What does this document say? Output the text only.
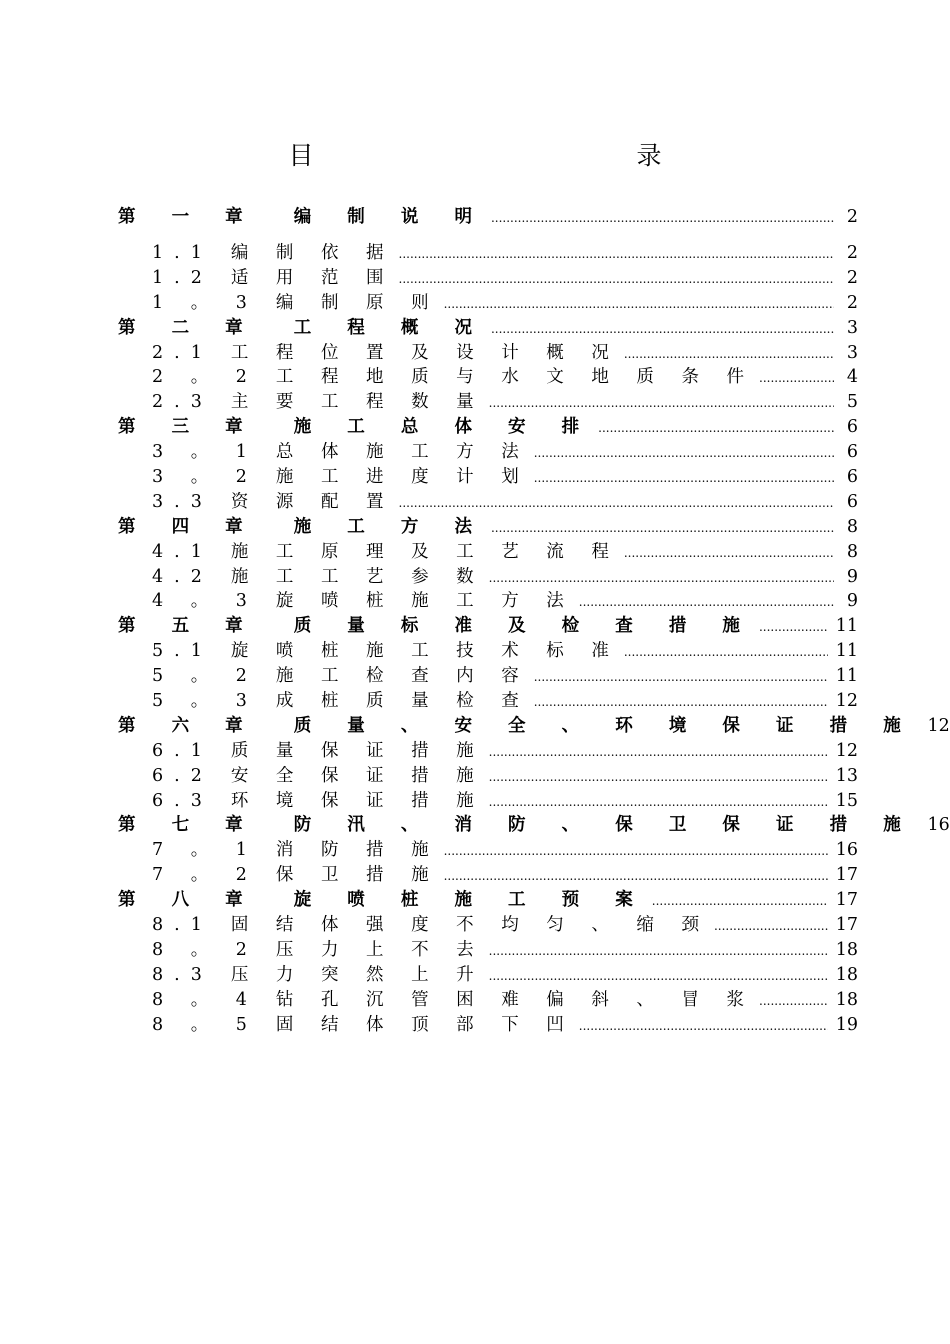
目　　　录
第 一 章 编 制 说 明 .....	2
1.1 编 制 依 据 .....	2
1.2 适 用 范 围 .....	2
1 。 3 编 制 原 则 .....	2
第 二 章 工 程 概 况 .....	3
2.1 工 程 位 置 及 设 计 概 况 .....	3
2 。 2 工 程 地 质 与 水 文 地 质 条 件 .....	4
2.3 主 要 工 程 数 量 .....	5
第 三 章 施 工 总 体 安 排 .....	6
3 。 1 总 体 施 工 方 法 .....	6
3 。 2 施 工 进 度 计 划 .....	6
3.3 资 源 配 置 .....	6
第 四 章 施 工 方 法 .....	8
4.1 施 工 原 理 及 工 艺 流 程 .....	8
4.2 施 工 工 艺 参 数 .....	9
4 。 3 旋 喷 桩 施 工 方 法 .....	9
第 五 章 质 量 标 准 及 检 查 措 施 .....	11
5.1 旋 喷 桩 施 工 技 术 标 准 .....	11
5 。 2 施 工 检 查 内 容 .....	11
5 。 3 成 桩 质 量 检 查 .....	12
第 六 章 质 量 、 安 全 、 环 境 保 证 措 施 12
6.1 质 量 保 证 措 施 .....	12
6.2 安 全 保 证 措 施 .....	13
6.3 环 境 保 证 措 施 .....	15
第 七 章 防 汛 、 消 防 、 保 卫 保 证 措 施 16
7 。 1 消 防 措 施 .....	16
7 。 2 保 卫 措 施 .....	17
第 八 章 旋 喷 桩 施 工 预 案 .....	17
8.1 固 结 体 强 度 不 均 匀 、 缩 颈 .....	17
8 。 2 压 力 上 不 去 .....	18
8.3 压 力 突 然 上 升 .....	18
8 。 4 钻 孔 沉 管 困 难 偏 斜 、 冒 浆 .....	18
8 。 5 固 结 体 顶 部 下 凹 .....	19
